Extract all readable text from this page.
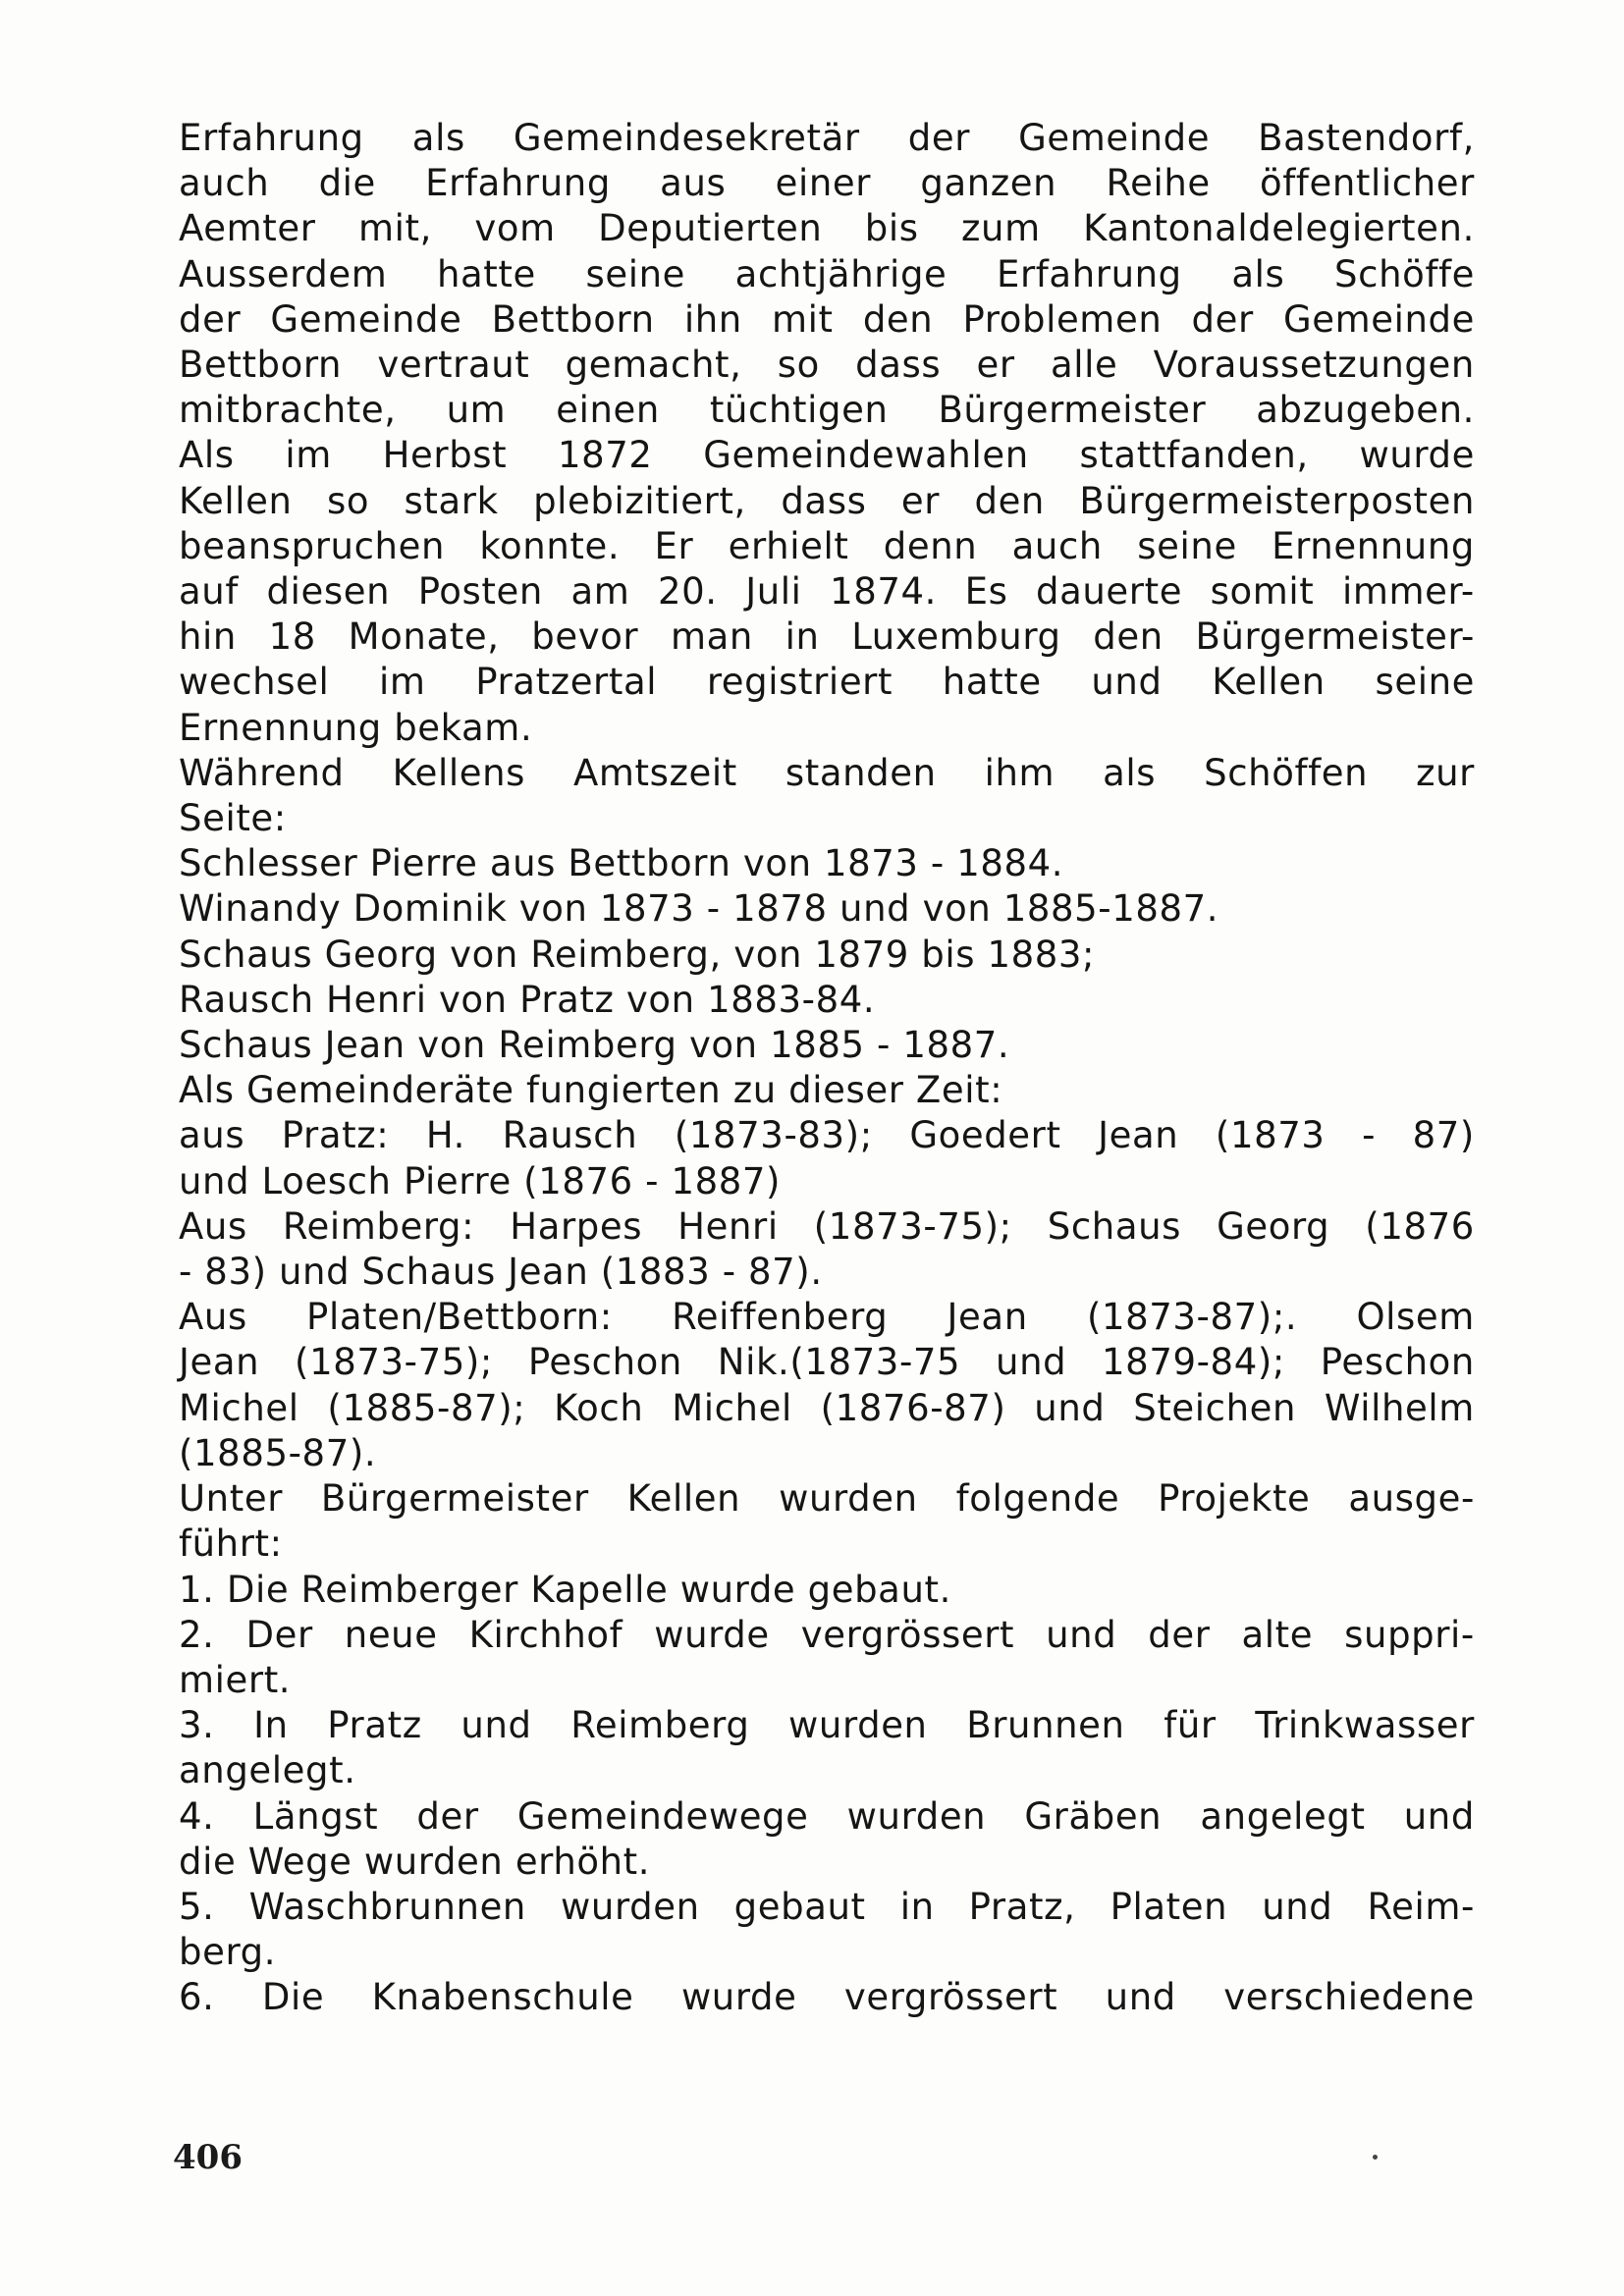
Erfahrung als Gemeindesekretär der Gemeinde Bastendorf,
auch die Erfahrung aus einer ganzen Reihe öffentlicher
Aemter mit, vom Deputierten bis zum Kantonaldelegierten.
Ausserdem hatte seine achtjährige Erfahrung als Schöffe
der Gemeinde Bettborn ihn mit den Problemen der Gemeinde
Bettborn vertraut gemacht, so dass er alle Voraussetzungen
mitbrachte, um einen tüchtigen Bürgermeister abzugeben.
Als im Herbst 1872 Gemeindewahlen stattfanden, wurde
Kellen so stark plebizitiert, dass er den Bürgermeisterposten
beanspruchen konnte. Er erhielt denn auch seine Ernennung
auf diesen Posten am 20. Juli 1874. Es dauerte somit immer-
hin 18 Monate, bevor man in Luxemburg den Bürgermeister-
wechsel im Pratzertal registriert hatte und Kellen seine
Ernennung bekam.
Während Kellens Amtszeit standen ihm als Schöffen zur
Seite:
Schlesser Pierre aus Bettborn von 1873 - 1884.
Winandy Dominik von 1873 - 1878 und von 1885-1887.
Schaus Georg von Reimberg, von 1879 bis 1883;
Rausch Henri von Pratz von 1883-84.
Schaus Jean von Reimberg von 1885 - 1887.
Als Gemeinderäte fungierten zu dieser Zeit:
aus Pratz: H. Rausch (1873-83); Goedert Jean (1873 - 87)
und Loesch Pierre (1876 - 1887)
Aus Reimberg: Harpes Henri (1873-75); Schaus Georg (1876
- 83) und Schaus Jean (1883 - 87).
Aus Platen/Bettborn: Reiffenberg Jean (1873-87);. Olsem
Jean (1873-75); Peschon Nik.(1873-75 und 1879-84); Peschon
Michel (1885-87); Koch Michel (1876-87) und Steichen Wilhelm
(1885-87).
Unter Bürgermeister Kellen wurden folgende Projekte ausge-
führt:
1. Die Reimberger Kapelle wurde gebaut.
2. Der neue Kirchhof wurde vergrössert und der alte suppri-
miert.
3. In Pratz und Reimberg wurden Brunnen für Trinkwasser
angelegt.
4. Längst der Gemeindewege wurden Gräben angelegt und
die Wege wurden erhöht.
5. Waschbrunnen wurden gebaut in Pratz, Platen und Reim-
berg.
6. Die Knabenschule wurde vergrössert und verschiedene
406
